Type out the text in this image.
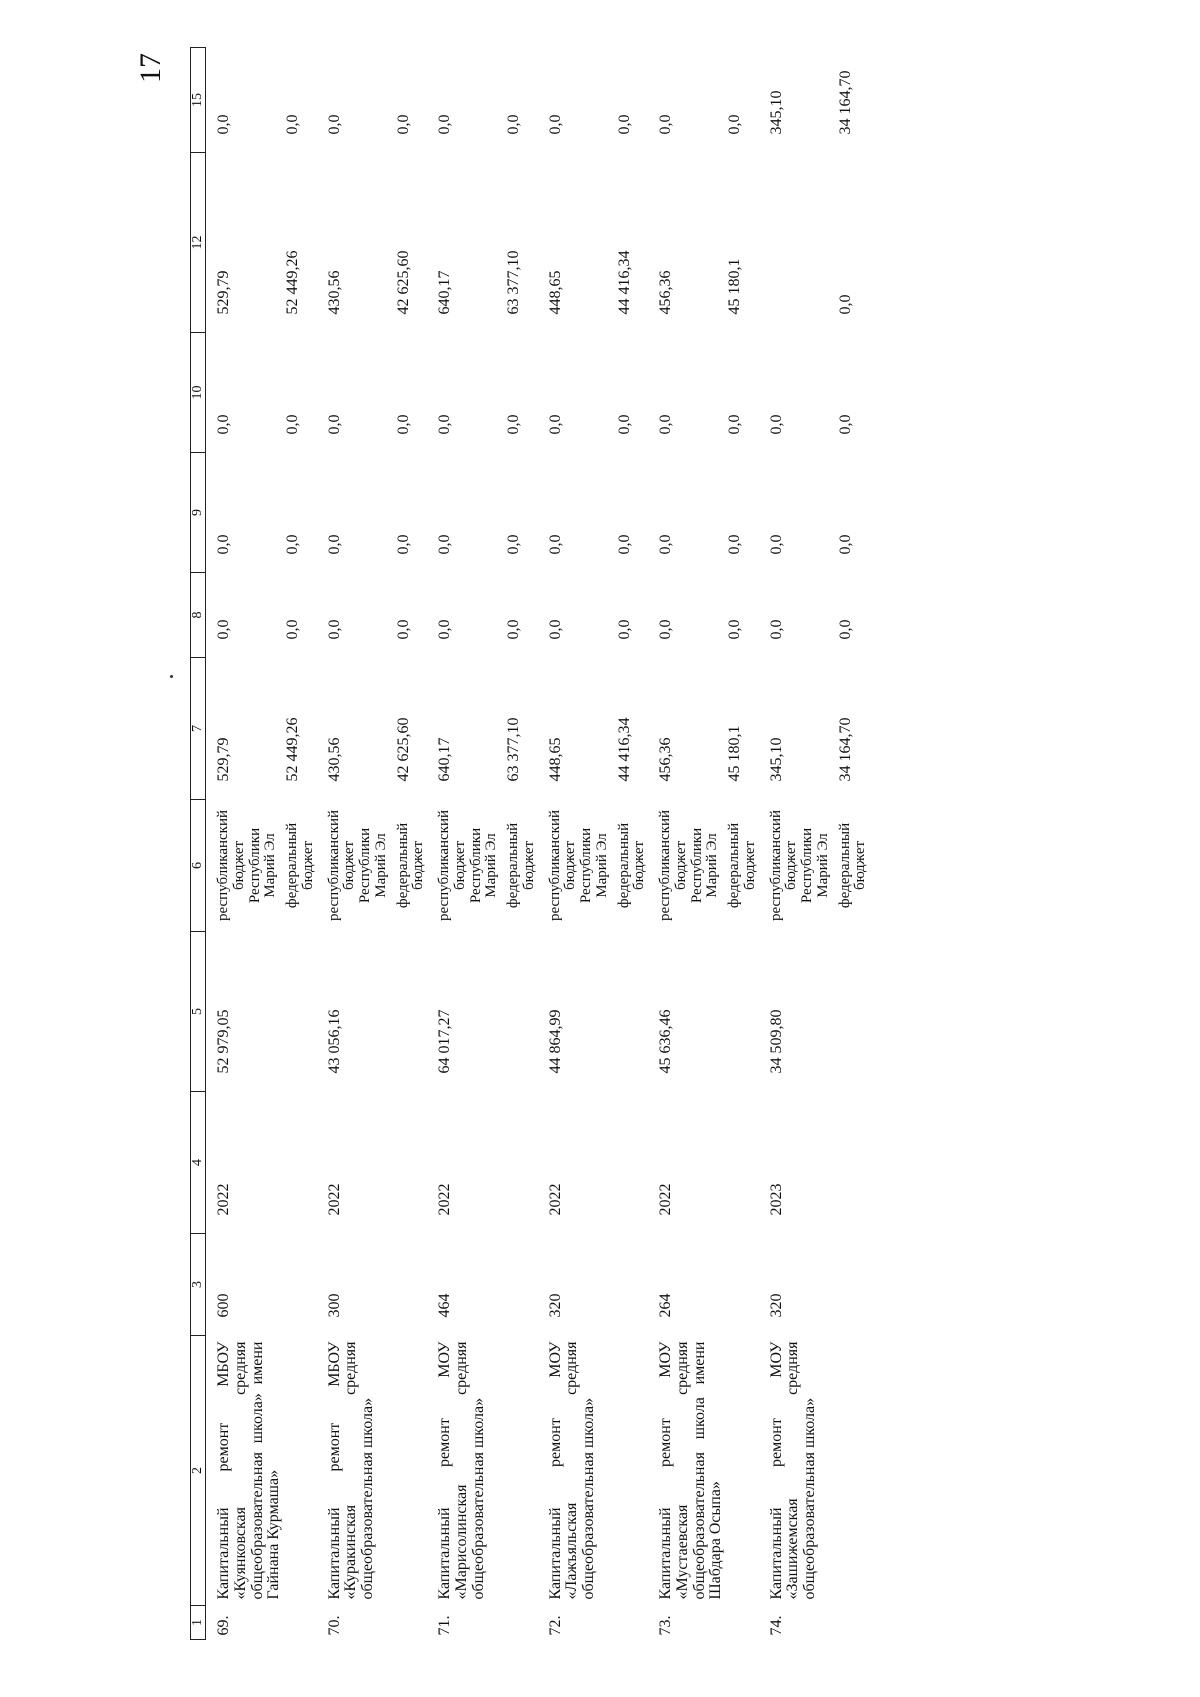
17
1	2	3	4	5	6	7	8	9	10	12	15
69.	Капитальный ремонт МБОУ «Куянковская средняя общеобразовательная школа» имени Гайнана Курмаша»	600	2022	52 979,05	республиканский бюджет Республики Марий Эл	529,79	0,0	0,0	0,0	529,79	0,0
					федеральный бюджет	52 449,26	0,0	0,0	0,0	52 449,26	0,0
70.	Капитальный ремонт МБОУ «Куракинская средняя общеобразовательная школа»	300	2022	43 056,16	республиканский бюджет Республики Марий Эл	430,56	0,0	0,0	0,0	430,56	0,0
					федеральный бюджет	42 625,60	0,0	0,0	0,0	42 625,60	0,0
71.	Капитальный ремонт МОУ «Марисолинская средняя общеобразовательная школа»	464	2022	64 017,27	республиканский бюджет Республики Марий Эл	640,17	0,0	0,0	0,0	640,17	0,0
					федеральный бюджет	63 377,10	0,0	0,0	0,0	63 377,10	0,0
72.	Капитальный ремонт МОУ «Лажъяльская средняя общеобразовательная школа»	320	2022	44 864,99	республиканский бюджет Республики Марий Эл	448,65	0,0	0,0	0,0	448,65	0,0
					федеральный бюджет	44 416,34	0,0	0,0	0,0	44 416,34	0,0
73.	Капитальный ремонт МОУ «Мустаевская средняя общеобразовательная школа имени Шабдара Осыпа»	264	2022	45 636,46	республиканский бюджет Республики Марий Эл	456,36	0,0	0,0	0,0	456,36	0,0
					федеральный бюджет	45 180,1	0,0	0,0	0,0	45 180,1	0,0
74.	Капитальный ремонт МОУ «Зашижемская средняя общеобразовательная школа»	320	2023	34 509,80	республиканский бюджет Республики Марий Эл	345,10	0,0	0,0	0,0		345,10
					федеральный бюджет	34 164,70	0,0	0,0	0,0	0,0	34 164,70
